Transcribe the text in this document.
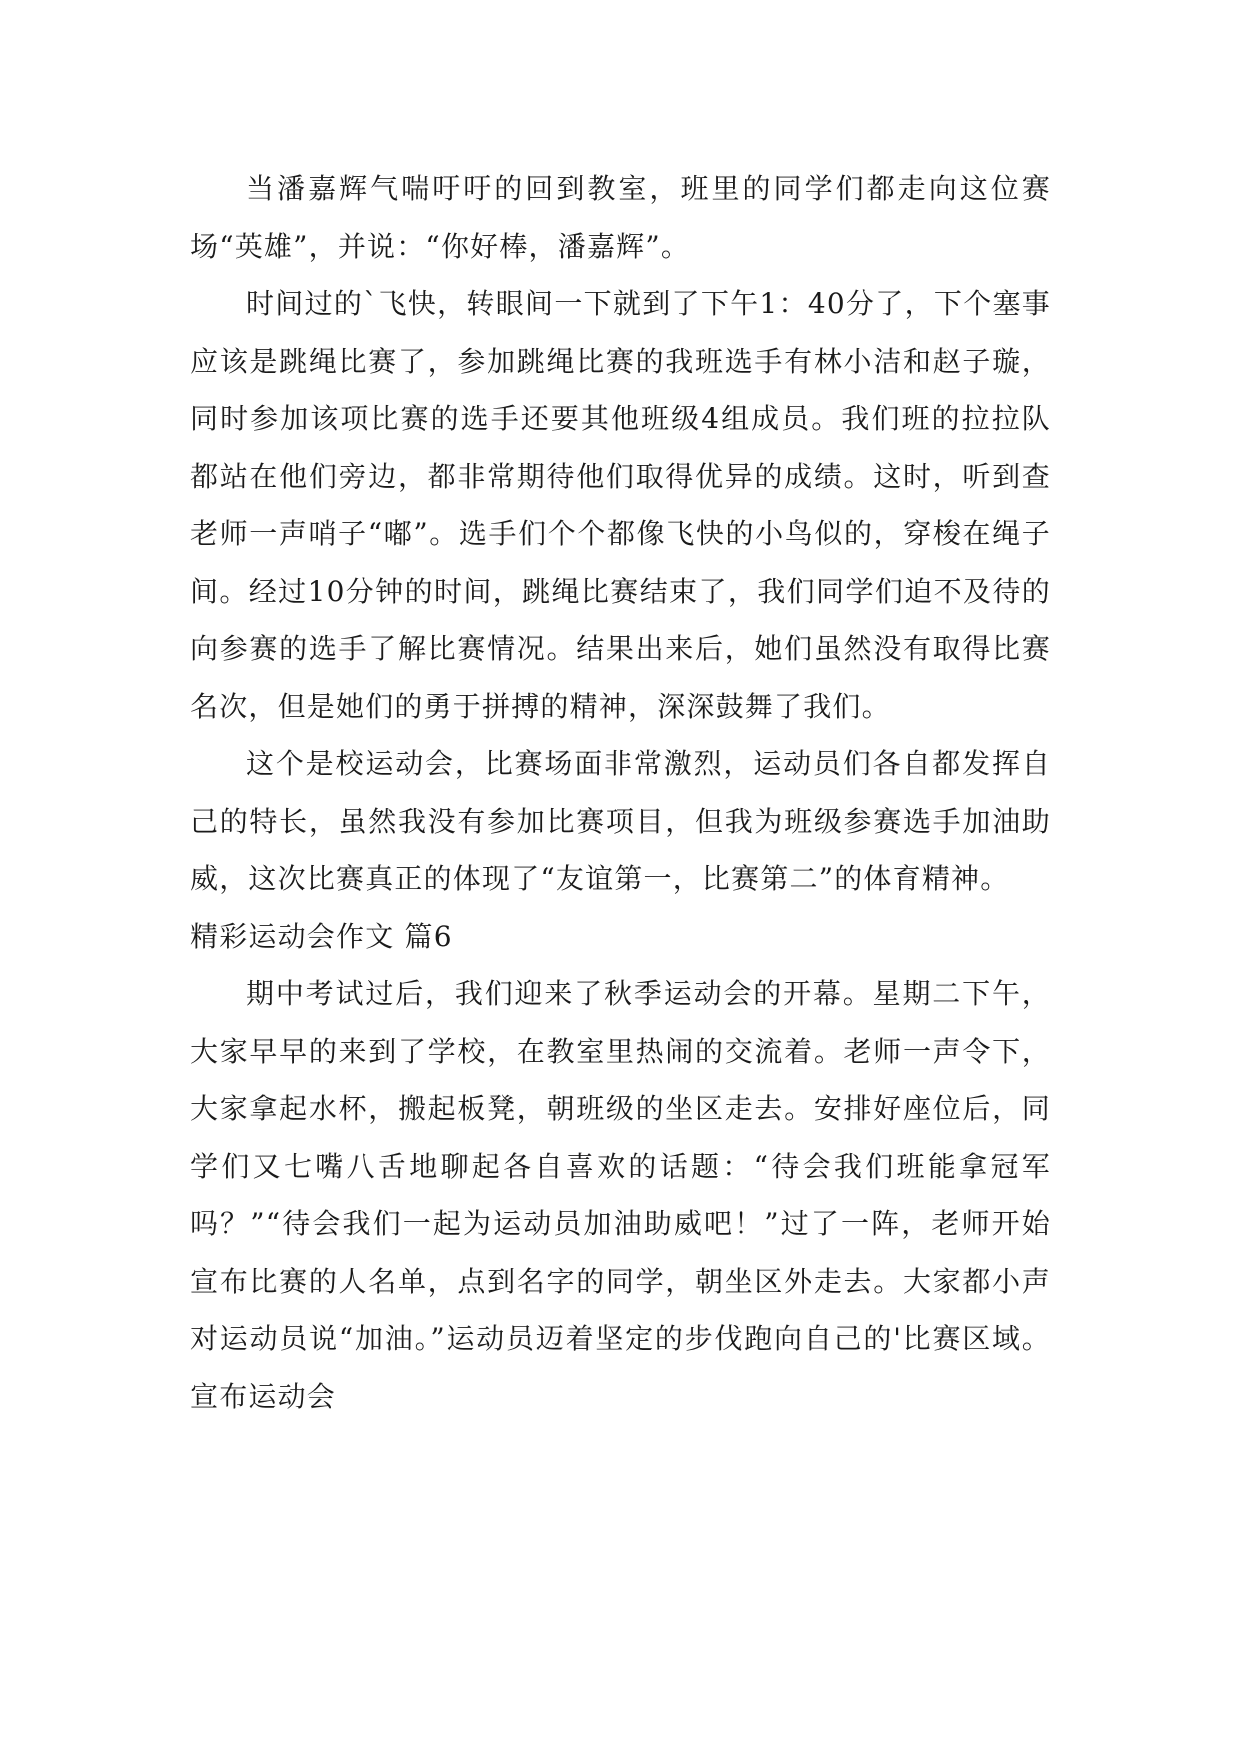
当潘嘉辉气喘吁吁的回到教室，班里的同学们都走向这位赛场“英雄”，并说：“你好棒，潘嘉辉”。

时间过的`飞快，转眼间一下就到了下午1：40分了，下个塞事应该是跳绳比赛了，参加跳绳比赛的我班选手有林小洁和赵子璇，同时参加该项比赛的选手还要其他班级4组成员。我们班的拉拉队都站在他们旁边，都非常期待他们取得优异的成绩。这时，听到查老师一声哨子“嘟”。选手们个个都像飞快的小鸟似的，穿梭在绳子间。经过10分钟的时间，跳绳比赛结束了，我们同学们迫不及待的向参赛的选手了解比赛情况。结果出来后，她们虽然没有取得比赛名次，但是她们的勇于拼搏的精神，深深鼓舞了我们。

这个是校运动会，比赛场面非常激烈，运动员们各自都发挥自己的特长，虽然我没有参加比赛项目，但我为班级参赛选手加油助威，这次比赛真正的体现了“友谊第一，比赛第二”的体育精神。

精彩运动会作文 篇6

期中考试过后，我们迎来了秋季运动会的开幕。星期二下午，大家早早的来到了学校，在教室里热闹的交流着。老师一声令下，大家拿起水杯，搬起板凳，朝班级的坐区走去。安排好座位后，同学们又七嘴八舌地聊起各自喜欢的话题：“待会我们班能拿冠军吗？”“待会我们一起为运动员加油助威吧！”过了一阵，老师开始宣布比赛的人名单，点到名字的同学，朝坐区外走去。大家都小声对运动员说“加油。”运动员迈着坚定的步伐跑向自己的'比赛区域。宣布运动会
